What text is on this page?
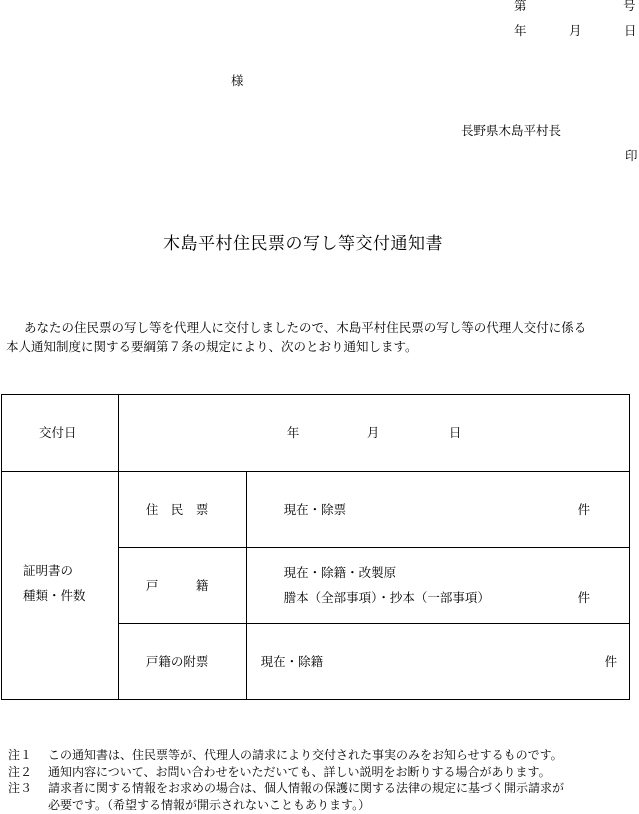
第	号
年	月	日
様
長野県木島平村長
印
木島平村住民票の写し等交付通知書
あなたの住民票の写し等を代理人に交付しましたので、木島平村住民票の写し等の代理人交付に係る
本人通知制度に関する要綱第７条の規定により、次のとおり通知します。
交付日	年 月 日	

証明書の
種類・件数	住　民　票	現在・除票 件

	戸　　　籍	現在・除籍・改製原
謄本（全部事項）・抄本（一部事項） 件

	戸籍の附票	現在・除籍 件
注１	この通知書は、住民票等が、代理人の請求により交付された事実のみをお知らせするものです。
注２	通知内容について、お問い合わせをいただいても、詳しい説明をお断りする場合があります。
注３	請求者に関する情報をお求めの場合は、個人情報の保護に関する法律の規定に基づく開示請求が
必要です。（希望する情報が開示されないこともあります。）
